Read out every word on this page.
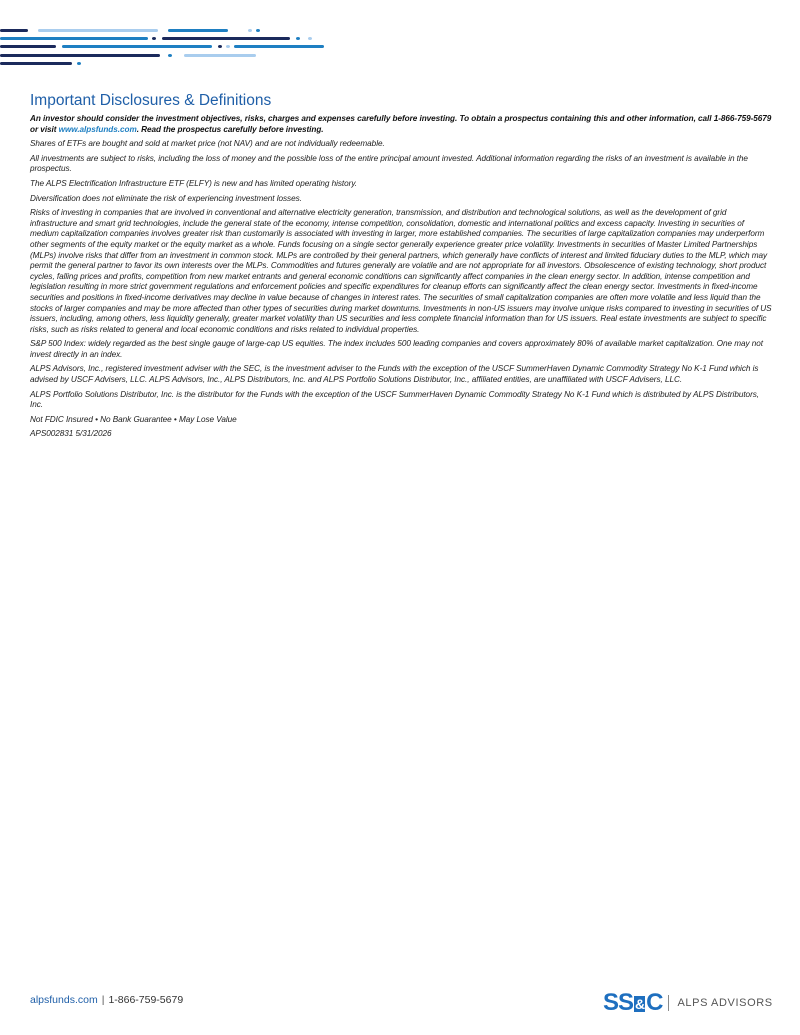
Important Disclosures & Definitions

An investor should consider the investment objectives, risks, charges and expenses carefully before investing. To obtain a prospectus containing this and other information, call 1-866-759-5679 or visit www.alpsfunds.com. Read the prospectus carefully before investing.

Shares of ETFs are bought and sold at market price (not NAV) and are not individually redeemable.

All investments are subject to risks, including the loss of money and the possible loss of the entire principal amount invested. Additional information regarding the risks of an investment is available in the prospectus.

The ALPS Electrification Infrastructure ETF (ELFY) is new and has limited operating history.

Diversification does not eliminate the risk of experiencing investment losses.

Risks of investing in companies that are involved in conventional and alternative electricity generation, transmission, and distribution and technological solutions, as well as the development of grid infrastructure and smart grid technologies, include the general state of the economy, intense competition, consolidation, domestic and international politics and excess capacity. Investing in securities of medium capitalization companies involves greater risk than customarily is associated with investing in larger, more established companies. The securities of large capitalization companies may underperform other segments of the equity market or the equity market as a whole. Funds focusing on a single sector generally experience greater price volatility. Investments in securities of Master Limited Partnerships (MLPs) involve risks that differ from an investment in common stock. MLPs are controlled by their general partners, which generally have conflicts of interest and limited fiduciary duties to the MLP, which may permit the general partner to favor its own interests over the MLPs. Commodities and futures generally are volatile and are not appropriate for all investors. Obsolescence of existing technology, short product cycles, falling prices and profits, competition from new market entrants and general economic conditions can significantly affect companies in the clean energy sector. In addition, intense competition and legislation resulting in more strict government regulations and enforcement policies and specific expenditures for cleanup efforts can significantly affect the clean energy sector. Investments in fixed-income securities and positions in fixed-income derivatives may decline in value because of changes in interest rates. The securities of small capitalization companies are often more volatile and less liquid than the stocks of larger companies and may be more affected than other types of securities during market downturns. Investments in non-US issuers may involve unique risks compared to investing in securities of US issuers, including, among others, less liquidity generally, greater market volatility than US securities and less complete financial information than for US issuers. Real estate investments are subject to specific risks, such as risks related to general and local economic conditions and risks related to individual properties.

S&P 500 Index: widely regarded as the best single gauge of large-cap US equities. The index includes 500 leading companies and covers approximately 80% of available market capitalization. One may not invest directly in an index.

ALPS Advisors, Inc., registered investment adviser with the SEC, is the investment adviser to the Funds with the exception of the USCF SummerHaven Dynamic Commodity Strategy No K-1 Fund which is advised by USCF Advisers, LLC. ALPS Advisors, Inc., ALPS Distributors, Inc. and ALPS Portfolio Solutions Distributor, Inc., affiliated entities, are unaffiliated with USCF Advisers, LLC.

ALPS Portfolio Solutions Distributor, Inc. is the distributor for the Funds with the exception of the USCF SummerHaven Dynamic Commodity Strategy No K-1 Fund which is distributed by ALPS Distributors, Inc.

Not FDIC Insured • No Bank Guarantee • May Lose Value

APS002831 5/31/2026

alpsfunds.com | 1-866-759-5679	SS &C ALPS ADVISORS
